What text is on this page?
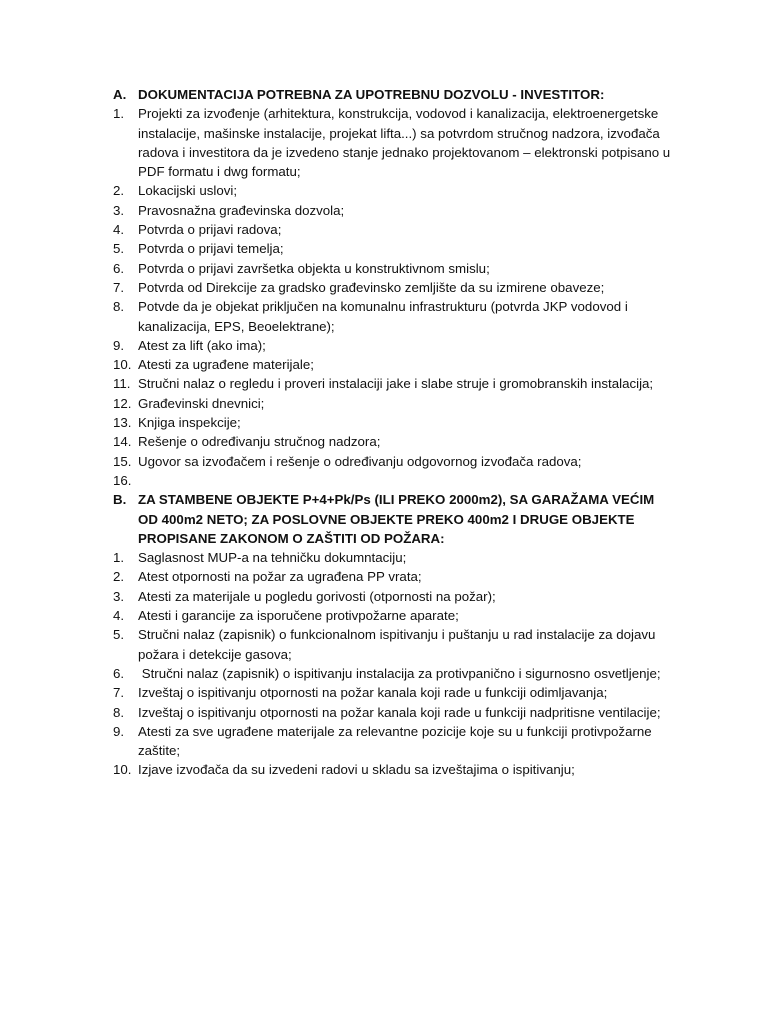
A. DOKUMENTACIJA POTREBNA ZA UPOTREBNU DOZVOLU - INVESTITOR:
1.	Projekti za izvođenje (arhitektura, konstrukcija, vodovod i kanalizacija, elektroenergetske instalacije, mašinske instalacije, projekat lifta...) sa potvrdom stručnog nadzora, izvođača radova i investitora da je izvedeno stanje jednako projektovanom – elektronski potpisano u PDF formatu i dwg formatu;
2.	Lokacijski uslovi;
3.	Pravosnažna građevinska dozvola;
4.	Potvrda o prijavi radova;
5.	Potvrda o prijavi temelja;
6.	Potvrda o prijavi završetka objekta u konstruktivnom smislu;
7.	Potvrda od Direkcije za gradsko građevinsko zemljište da su izmirene obaveze;
8.	Potvde da je objekat priključen na komunalnu infrastrukturu (potvrda JKP vodovod i kanalizacija, EPS, Beoelektrane);
9.	Atest za lift (ako ima);
10. Atesti za ugrađene materijale;
11. Stručni nalaz o regledu i proveri instalaciji jake i slabe struje i gromobranskih instalacija;
12. Građevinski dnevnici;
13. Knjiga inspekcije;
14. Rešenje o određivanju stručnog nadzora;
15. Ugovor sa izvođačem i rešenje o određivanju odgovornog izvođača radova;
16.
B. ZA STAMBENE OBJEKTE P+4+Pk/Ps (ILI PREKO 2000m2), SA GARAŽAMA VEĆIM OD 400m2 NETO; ZA POSLOVNE OBJEKTE PREKO 400m2 I DRUGE OBJEKTE PROPISANE ZAKONOM O ZAŠTITI OD POŽARA:
1.	Saglasnost MUP-a na tehničku dokumntaciju;
2.	Atest otpornosti na požar za ugrađena PP vrata;
3.	Atesti za materijale u pogledu gorivosti (otpornosti na požar);
4.	Atesti i garancije za isporučene protivpožarne aparate;
5.	Stručni nalaz (zapisnik) o funkcionalnom ispitivanju i puštanju u rad instalacije za dojavu požara i detekcije gasova;
6.	Stručni nalaz (zapisnik) o ispitivanju instalacija za protivpanično i sigurnosno osvetljenje;
7.	Izveštaj o ispitivanju otpornosti na požar kanala koji rade u funkciji odimljavanja;
8.	Izveštaj o ispitivanju otpornosti na požar kanala koji rade u funkciji nadpritisne ventilacije;
9.	Atesti za sve ugrađene materijale za relevantne pozicije koje su u funkciji protivpožarne zaštite;
10. Izjave izvođača da su izvedeni radovi u skladu sa izveštajima o ispitivanju;
